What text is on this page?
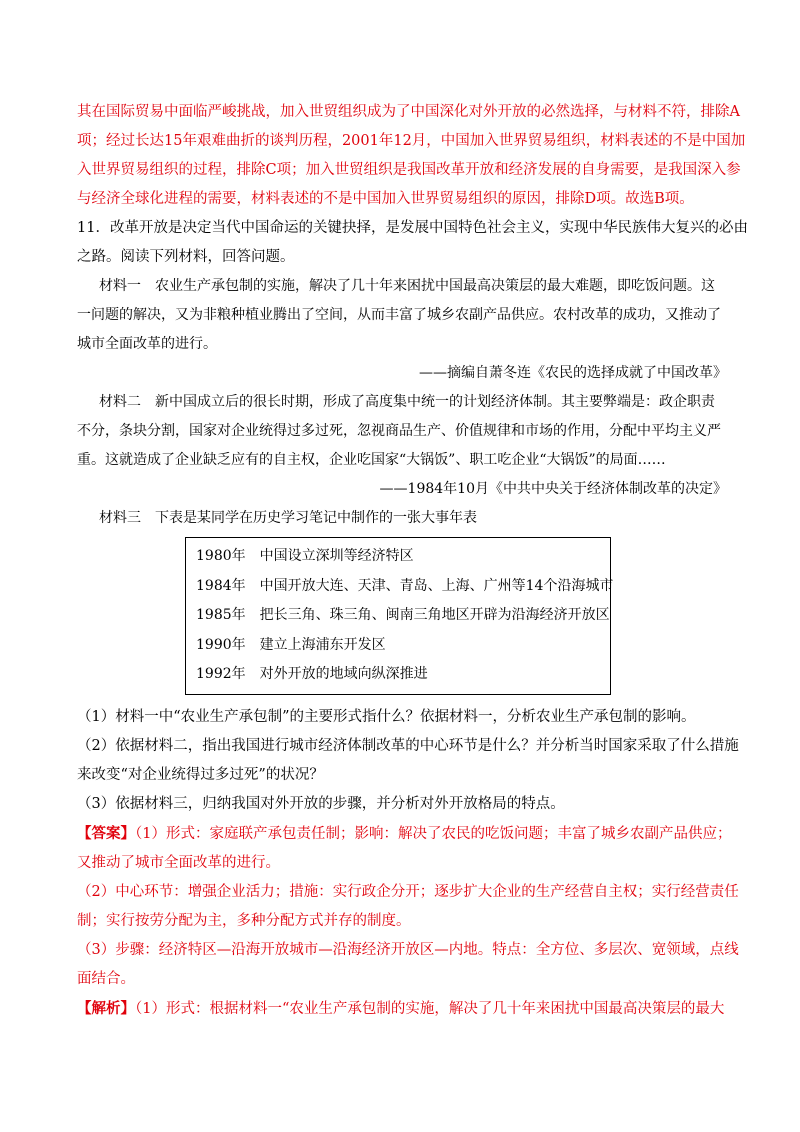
其在国际贸易中面临严峻挑战，加入世贸组织成为了中国深化对外开放的必然选择，与材料不符，排除A
项；经过长达15年艰难曲折的谈判历程，2001年12月，中国加入世界贸易组织，材料表述的不是中国加
入世界贸易组织的过程，排除C项；加入世贸组织是我国改革开放和经济发展的自身需要，是我国深入参
与经济全球化进程的需要，材料表述的不是中国加入世界贸易组织的原因，排除D项。故选B项。
11．改革开放是决定当代中国命运的关键抉择，是发展中国特色社会主义，实现中华民族伟大复兴的必由
之路。阅读下列材料，回答问题。
材料一　农业生产承包制的实施，解决了几十年来困扰中国最高决策层的最大难题，即吃饭问题。这
一问题的解决，又为非粮种植业腾出了空间，从而丰富了城乡农副产品供应。农村改革的成功，又推动了
城市全面改革的进行。
——摘编自萧冬连《农民的选择成就了中国改革》
材料二　新中国成立后的很长时期，形成了高度集中统一的计划经济体制。其主要弊端是：政企职责
不分，条块分割，国家对企业统得过多过死，忽视商品生产、价值规律和市场的作用，分配中平均主义严
重。这就造成了企业缺乏应有的自主权，企业吃国家“大锅饭”、职工吃企业“大锅饭”的局面……
——1984年10月《中共中央关于经济体制改革的决定》
材料三　下表是某同学在历史学习笔记中制作的一张大事年表
1980年　中国设立深圳等经济特区
1984年　中国开放大连、天津、青岛、上海、广州等14个沿海城市
1985年　把长三角、珠三角、闽南三角地区开辟为沿海经济开放区
1990年　建立上海浦东开发区
1992年　对外开放的地域向纵深推进
（1）材料一中“农业生产承包制”的主要形式指什么？依据材料一，分析农业生产承包制的影响。
（2）依据材料二，指出我国进行城市经济体制改革的中心环节是什么？并分析当时国家采取了什么措施
来改变“对企业统得过多过死”的状况？
（3）依据材料三，归纳我国对外开放的步骤，并分析对外开放格局的特点。
【答案】（1）形式：家庭联产承包责任制；影响：解决了农民的吃饭问题；丰富了城乡农副产品供应；
又推动了城市全面改革的进行。
（2）中心环节：增强企业活力；措施：实行政企分开；逐步扩大企业的生产经营自主权；实行经营责任
制；实行按劳分配为主，多种分配方式并存的制度。
（3）步骤：经济特区—沿海开放城市—沿海经济开放区—内地。特点：全方位、多层次、宽领域，点线
面结合。
【解析】（1）形式：根据材料一“农业生产承包制的实施，解决了几十年来困扰中国最高决策层的最大
